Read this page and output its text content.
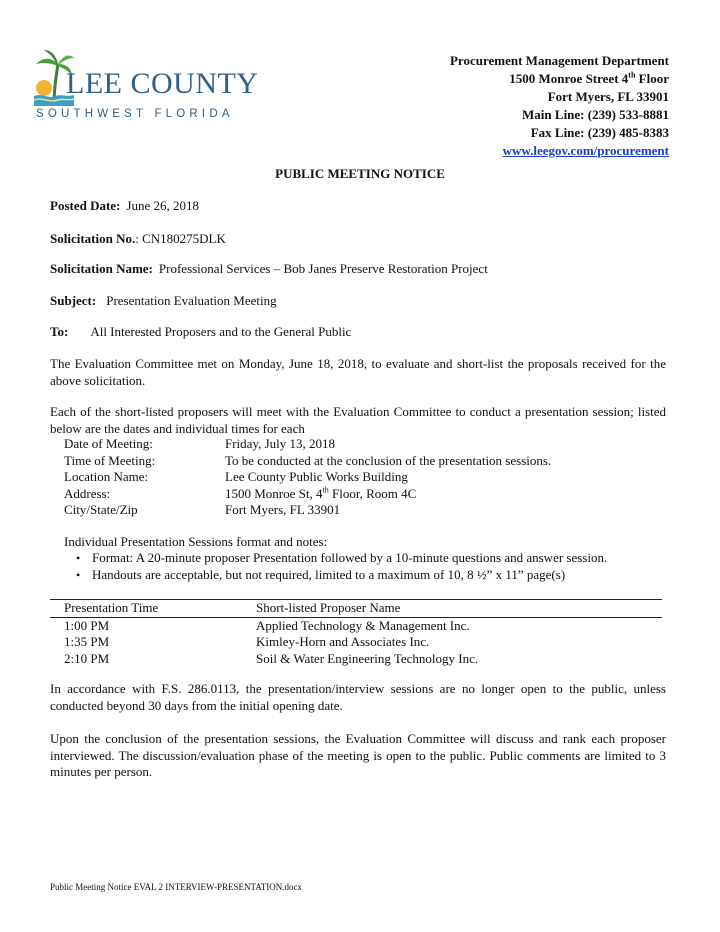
LEE COUNTY
SOUTHWEST FLORIDA
Procurement Management Department
1500 Monroe Street 4th Floor
Fort Myers, FL 33901
Main Line: (239) 533-8881
Fax Line: (239) 485-8383
www.leegov.com/procurement
PUBLIC MEETING NOTICE
Posted Date: June 26, 2018
Solicitation No.: CN180275DLK
Solicitation Name: Professional Services – Bob Janes Preserve Restoration Project
Subject: Presentation Evaluation Meeting
To: All Interested Proposers and to the General Public
The Evaluation Committee met on Monday, June 18, 2018, to evaluate and short-list the proposals received for the above solicitation.
Each of the short-listed proposers will meet with the Evaluation Committee to conduct a presentation session; listed below are the dates and individual times for each
Date of Meeting:	Friday, July 13, 2018
Time of Meeting:	To be conducted at the conclusion of the presentation sessions.
Location Name:	Lee County Public Works Building
Address:	1500 Monroe St, 4th Floor, Room 4C
City/State/Zip	Fort Myers, FL 33901
Individual Presentation Sessions format and notes:
• Format: A 20-minute proposer Presentation followed by a 10-minute questions and answer session.
• Handouts are acceptable, but not required, limited to a maximum of 10, 8 ½” x 11” page(s)
Presentation Time	Short-listed Proposer Name
1:00 PM	Applied Technology & Management Inc.
1:35 PM	Kimley-Horn and Associates Inc.
2:10 PM	Soil & Water Engineering Technology Inc.
In accordance with F.S. 286.0113, the presentation/interview sessions are no longer open to the public, unless conducted beyond 30 days from the initial opening date.
Upon the conclusion of the presentation sessions, the Evaluation Committee will discuss and rank each proposer interviewed. The discussion/evaluation phase of the meeting is open to the public. Public comments are limited to 3 minutes per person.
Public Meeting Notice EVAL 2 INTERVIEW-PRESENTATION.docx
